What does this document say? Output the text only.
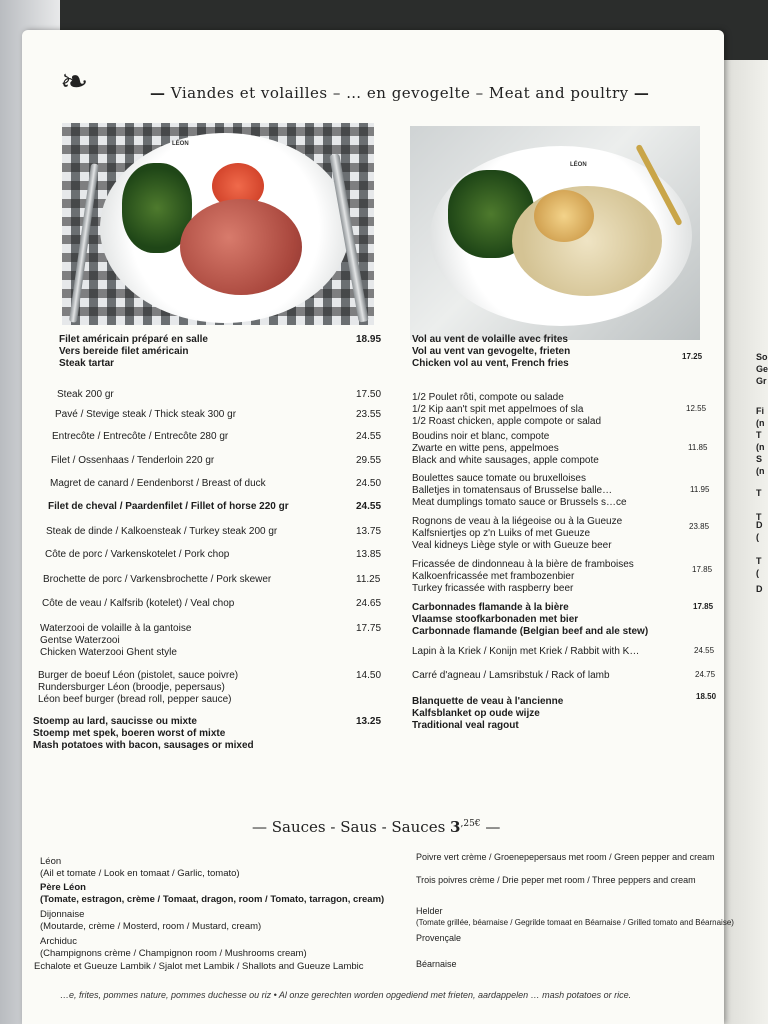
❧	— Viandes et volailles – … en gevogelte – Meat and poultry —
LÉON
LÉON
Filet américain préparé en salle
Vers bereide filet américain
Steak tartar
18.95
Steak 200 gr	17.50
Pavé / Stevige steak / Thick steak 300 gr	23.55
Entrecôte / Entrecôte / Entrecôte 280 gr	24.55
Filet / Ossenhaas / Tenderloin 220 gr	29.55
Magret de canard / Eendenborst / Breast of duck	24.50
Filet de cheval / Paardenfilet / Fillet of horse 220 gr	24.55
Steak de dinde / Kalkoensteak / Turkey steak 200 gr	13.75
Côte de porc / Varkenskotelet / Pork chop	13.85
Brochette de porc / Varkensbrochette / Pork skewer	11.25
Côte de veau / Kalfsrib (kotelet) / Veal chop	24.65
Waterzooi de volaille à la gantoise
Gentse Waterzooi
Chicken Waterzooi Ghent style
17.75
Burger de boeuf Léon (pistolet, sauce poivre)
Rundersburger Léon (broodje, pepersaus)
Léon beef burger (bread roll, pepper sauce)
14.50
Stoemp au lard, saucisse ou mixte
Stoemp met spek, boeren worst of mixte
Mash potatoes with bacon, sausages or mixed
13.25
Vol au vent de volaille avec frites
Vol au vent van gevogelte, frieten
Chicken vol au vent, French fries
17.25
1/2 Poulet rôti, compote ou salade
1/2 Kip aan't spit met appelmoes of sla
1/2 Roast chicken, apple compote or salad
12.55
Boudins noir et blanc, compote
Zwarte en witte pens, appelmoes
Black and white sausages, apple compote
11.85
Boulettes sauce tomate ou bruxelloises
Balletjes in tomatensaus of Brusselse balle…
Meat dumplings tomato sauce or Brussels s…ce
11.95
Rognons de veau à la liégeoise ou à la Gueuze
Kalfsniertjes op z'n Luiks of met Gueuze
Veal kidneys Liège style or with Gueuze beer
23.85
Fricassée de dindonneau à la bière de framboises
Kalkoenfricassée met frambozenbier
Turkey fricassée with raspberry beer
17.85
Carbonnades flamande à la bière
Vlaamse stoofkarbonaden met bier
Carbonnade flamande (Belgian beef and ale stew)
17.85
Lapin à la Kriek / Konijn met Kriek / Rabbit with K…	24.55
Carré d'agneau / Lamsribstuk / Rack of lamb	24.75
Blanquette de veau à l'ancienne
Kalfsblanket op oude wijze
Traditional veal ragout
18.50
— Sauces - Saus - Sauces $3^{,25€}$ —
Léon
(Ail et tomate / Look en tomaat / Garlic, tomato)
Père Léon
(Tomate, estragon, crème / Tomaat, dragon, room / Tomato, tarragon, cream)
Dijonnaise
(Moutarde, crème / Mosterd, room / Mustard, cream)
Archiduc
(Champignons crème / Champignon room / Mushrooms cream)
Echalote et Gueuze Lambik / Sjalot met Lambik / Shallots and Gueuze Lambic
Poivre vert crème / Groenepepersaus met room / Green pepper and cream
Trois poivres crème / Drie peper met room / Three peppers and cream
Helder
(Tomate grillée, béarnaise / Gegrilde tomaat en Béarnaise / Grilled tomato and Béarnaise)
Provençale
Béarnaise
…e, frites, pommes nature, pommes duchesse ou riz • Al onze gerechten worden opgediend met frieten, aardappelen … mash potatoes or rice.
So
Ge
Gr
Fi
(n
T
(n
S
(n
T
T
D
(
T
(
D
